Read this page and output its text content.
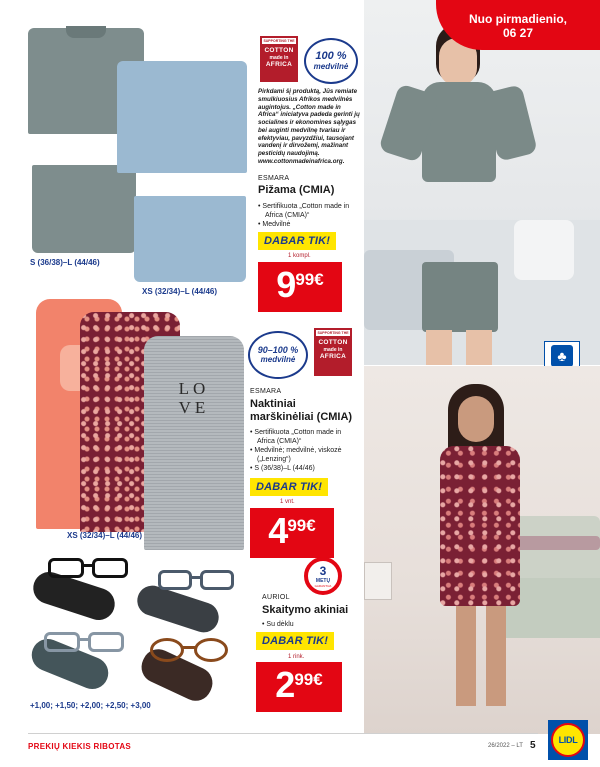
Nuo pirmadienio,
06 27
♣
S (36/38)–L (44/46)
XS (32/34)–L (44/46)
SUPPORTING THE
COTTON
made in
AFRICA
100 %
medvilnė
Pirkdami šį produktą, Jūs remiate smulkiuosius Afrikos medvilnės augintojus. „Cotton made in Africa“ iniciatyva padeda gerinti jų socialines ir ekonomines sąlygas bei auginti medvilnę tvariau ir efektyviau, pavyzdžiui, tausojant vandenį ir dirvožemį, mažinant pesticidų naudojimą. www.cottonmadeinafrica.org.
ESMARA
Pižama (CMIA)
• Sertifikuota „Cotton made in Africa (CMIA)“
• Medvilnė
DABAR TIK!
1 kompl.
9 99 €
LOVE
XS (32/34)–L (44/46)
90–100 %
medvilnė
SUPPORTING THE
COTTON
made in
AFRICA
ESMARA
Naktiniai
marškinėliai (CMIA)
• Sertifikuota „Cotton made in Africa (CMIA)“
• Medvilnė; medvilnė, viskozė („Lenzing“)
• S (36/38)–L (44/46)
DABAR TIK!
1 vnt.
4 99 €
+1,00; +1,50; +2,00; +2,50; +3,00
3
METŲ
GARANTIJA
AURIOL
Skaitymo akiniai
• Su dėklu
DABAR TIK!
1 rink.
2 99 €
PREKIŲ KIEKIS RIBOTAS	26/2022 – LT 5	LIDL
